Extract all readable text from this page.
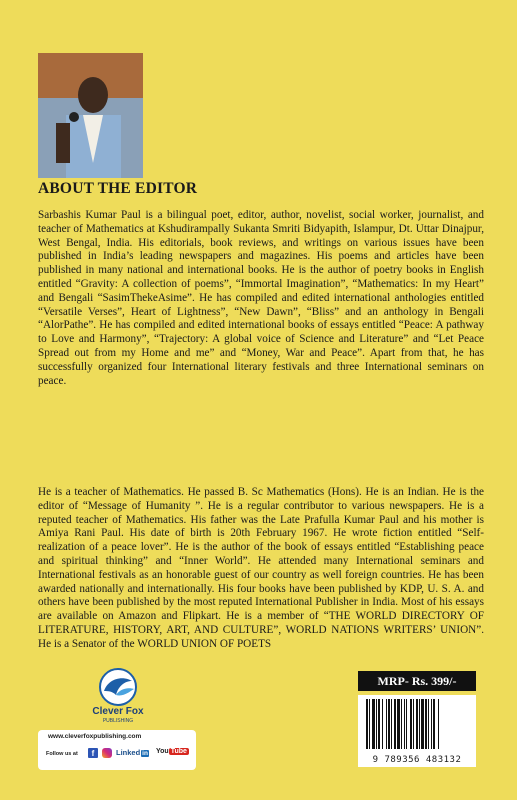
ABOUT THE EDITOR

Sarbashis Kumar Paul is a bilingual poet, editor, author, novelist, social worker, journalist, and teacher of Mathematics at Kshudirampally Sukanta Smriti Bidyapith, Islampur, Dt. Uttar Dinajpur, West Bengal, India. His editorials, book reviews, and writings on various issues have been published in India’s leading newspapers and magazines. His poems and articles have been published in many national and international books. He is the author of poetry books in English entitled “Gravity: A collection of poems”, “Immortal Imagination”, “Mathematics: In my Heart” and Bengali “SasimThekeAsime”. He has compiled and edited international anthologies entitled “Versatile Verses”, Heart of Lightness”, “New Dawn”, “Bliss” and an anthology in Bengali “AlorPathe”. He has compiled and edited international books of essays entitled “Peace: A pathway to Love and Harmony”, “Trajectory: A global voice of Science and Literature” and “Let Peace Spread out from my Home and me” and “Money, War and Peace”. Apart from that, he has successfully organized four International literary festivals and three International seminars on peace.

He is a teacher of Mathematics. He passed B. Sc Mathematics (Hons). He is an Indian. He is the editor of “Message of Humanity ”. He is a regular contributor to various newspapers. He is a reputed teacher of Mathematics. His father was the Late Prafulla Kumar Paul and his mother is Amiya Rani Paul. His date of birth is 20th February 1967. He wrote fiction entitled “Self-realization of a peace lover”. He is the author of the book of essays entitled “Establishing peace and spiritual thinking” and “Inner World”. He attended many International seminars and International festivals as an honorable guest of our country as well foreign countries. He has been awarded nationally and internationally. His four books have been published by KDP, U. S. A. and others have been published by the most reputed International Publisher in India. Most of his essays are available on Amazon and Flipkart. He is a member of “THE WORLD DIRECTORY OF LITERATURE, HISTORY, ART, AND CULTURE”, WORLD NATIONS WRITERS’ UNION”. He is a Senator of the WORLD UNION OF POETS

Clever Fox
PUBLISHING
www.cleverfoxpublishing.com
Follow us at	f	Linked in You Tube
MRP- Rs. 399/-
9 789356 483132
